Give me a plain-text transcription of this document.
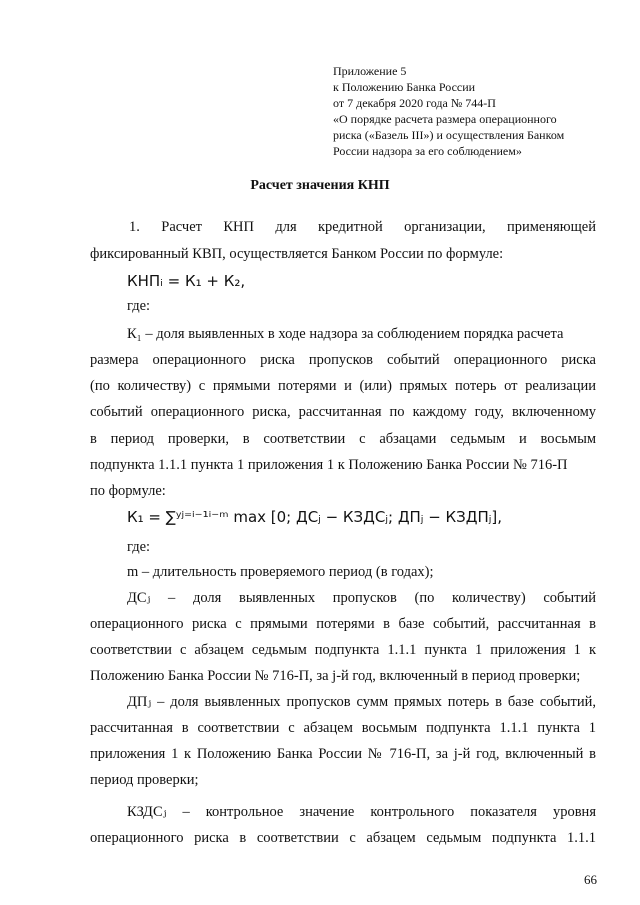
Приложение 5
к Положению Банка России
от 7 декабря 2020 года № 744-П
«О порядке расчета размера операционного
риска («Базель III») и осуществления Банком
России надзора за его соблюдением»
Расчет значения КНП
1. Расчет КНП для кредитной организации, применяющей
фиксированный КВП, осуществляется Банком России по формуле:
КНПᵢ = К₁ + К₂,
где:
К₁ – доля выявленных в ходе надзора за соблюдением порядка расчета
размера операционного риска пропусков событий операционного риска
(по количеству) с прямыми потерями и (или) прямых потерь от реализации
событий операционного риска, рассчитанная по каждому году, включенному
в период проверки, в соответствии с абзацами седьмым и восьмым
подпункта 1.1.1 пункта 1 приложения 1 к Положению Банка России № 716-П
по формуле:
К₁ = ∑ʸʲ⁼ⁱ⁻¹ⁱ⁻ᵐ max [0; ДСⱼ − КЗДСⱼ; ДПⱼ − КЗДПⱼ],
где:
m – длительность проверяемого период (в годах);
ДСⱼ – доля выявленных пропусков (по количеству) событий
операционного риска с прямыми потерями в базе событий, рассчитанная в
соответствии с абзацем седьмым подпункта 1.1.1 пункта 1 приложения 1 к
Положению Банка России № 716-П, за j-й год, включенный в период проверки;
ДПⱼ – доля выявленных пропусков сумм прямых потерь в базе событий,
рассчитанная в соответствии с абзацем восьмым подпункта 1.1.1 пункта 1
приложения 1 к Положению Банка России № 716-П, за j-й год, включенный в
период проверки;
КЗДСⱼ – контрольное значение контрольного показателя уровня
операционного риска в соответствии с абзацем седьмым подпункта 1.1.1
66
